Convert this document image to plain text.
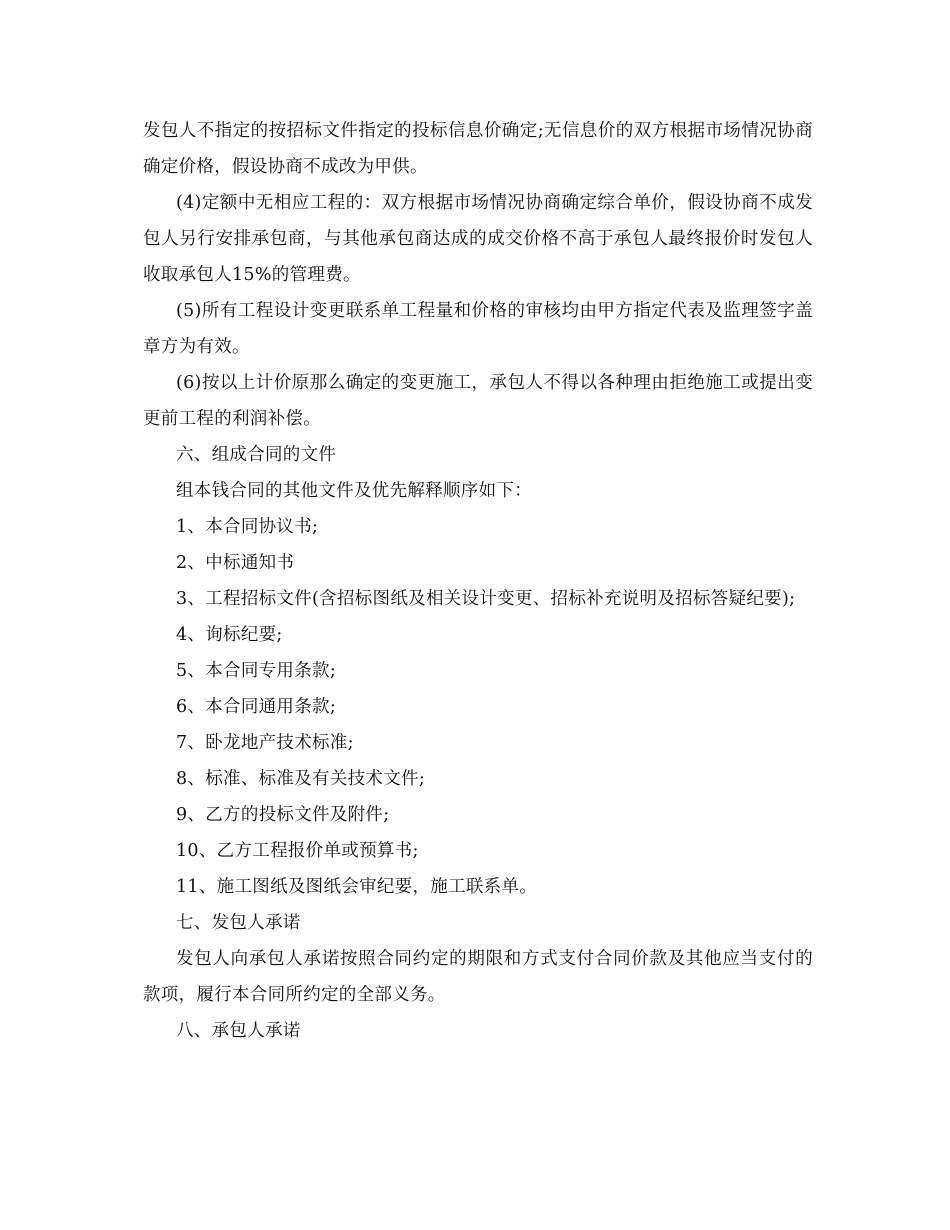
发包人不指定的按招标文件指定的投标信息价确定;无信息价的双方根据市场情况协商确定价格，假设协商不成改为甲供。

(4)定额中无相应工程的：双方根据市场情况协商确定综合单价，假设协商不成发包人另行安排承包商，与其他承包商达成的成交价格不高于承包人最终报价时发包人收取承包人15%的管理费。

(5)所有工程设计变更联系单工程量和价格的审核均由甲方指定代表及监理签字盖章方为有效。

(6)按以上计价原那么确定的变更施工，承包人不得以各种理由拒绝施工或提出变更前工程的利润补偿。

六、组成合同的文件

组本钱合同的其他文件及优先解释顺序如下：

1、本合同协议书;

2、中标通知书

3、工程招标文件(含招标图纸及相关设计变更、招标补充说明及招标答疑纪要);

4、询标纪要;

5、本合同专用条款;

6、本合同通用条款;

7、卧龙地产技术标准;

8、标准、标准及有关技术文件;

9、乙方的投标文件及附件;

10、乙方工程报价单或预算书;

11、施工图纸及图纸会审纪要，施工联系单。

七、发包人承诺

发包人向承包人承诺按照合同约定的期限和方式支付合同价款及其他应当支付的款项，履行本合同所约定的全部义务。

八、承包人承诺
